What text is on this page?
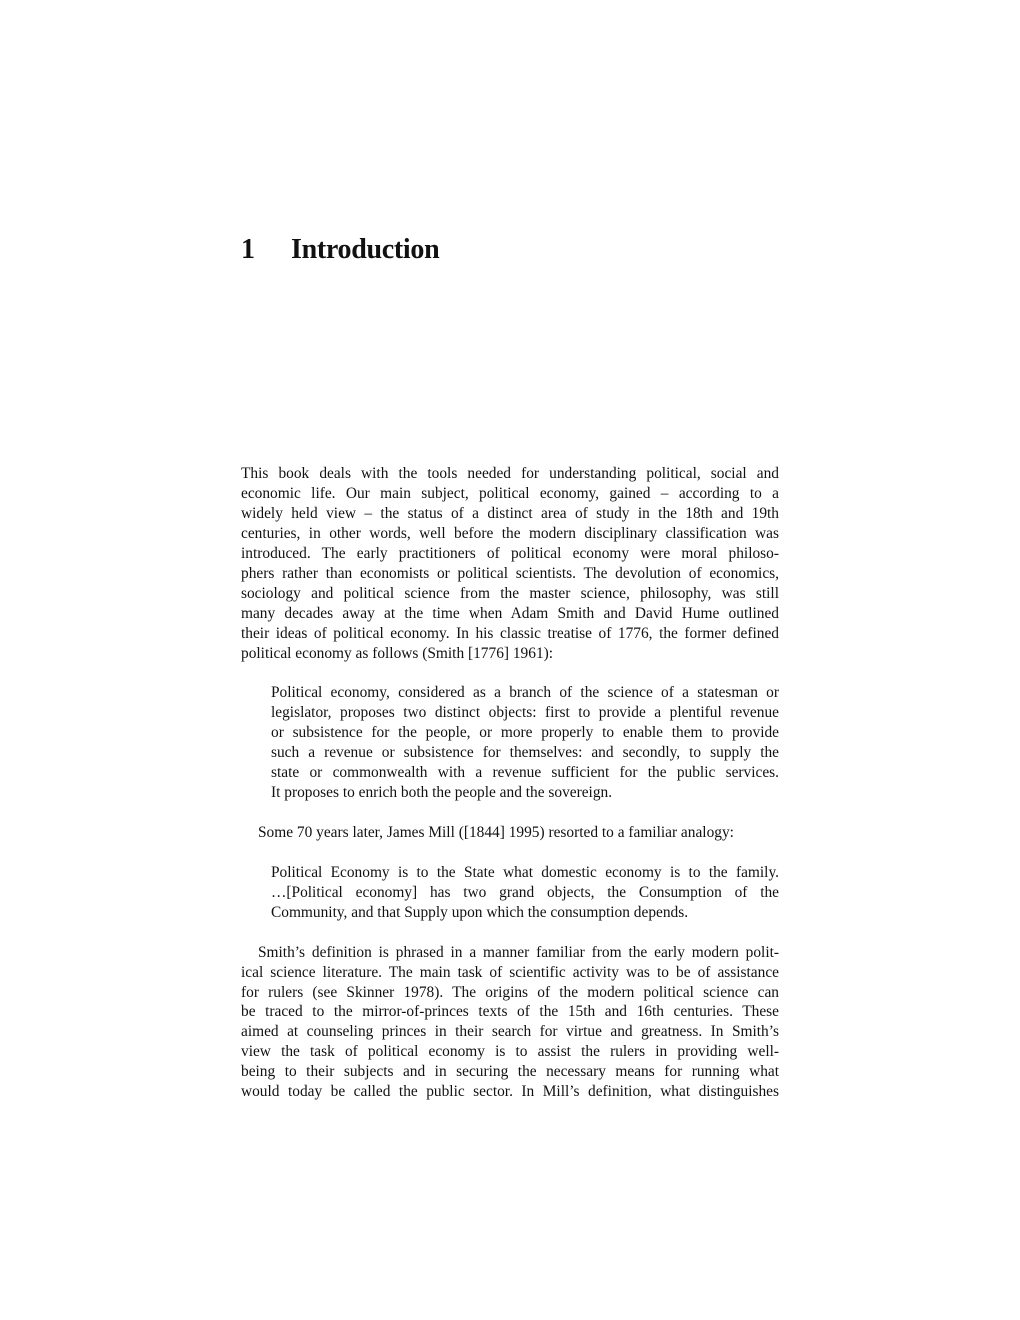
1 Introduction
This book deals with the tools needed for understanding political, social and
economic life. Our main subject, political economy, gained – according to a
widely held view – the status of a distinct area of study in the 18th and 19th
centuries, in other words, well before the modern disciplinary classification was
introduced. The early practitioners of political economy were moral philoso-
phers rather than economists or political scientists. The devolution of economics,
sociology and political science from the master science, philosophy, was still
many decades away at the time when Adam Smith and David Hume outlined
their ideas of political economy. In his classic treatise of 1776, the former defined
political economy as follows (Smith [1776] 1961):
Political economy, considered as a branch of the science of a statesman or
legislator, proposes two distinct objects: first to provide a plentiful revenue
or subsistence for the people, or more properly to enable them to provide
such a revenue or subsistence for themselves: and secondly, to supply the
state or commonwealth with a revenue sufficient for the public services.
It proposes to enrich both the people and the sovereign.
Some 70 years later, James Mill ([1844] 1995) resorted to a familiar analogy:
Political Economy is to the State what domestic economy is to the family.
…[Political economy] has two grand objects, the Consumption of the
Community, and that Supply upon which the consumption depends.
Smith’s definition is phrased in a manner familiar from the early modern polit-
ical science literature. The main task of scientific activity was to be of assistance
for rulers (see Skinner 1978). The origins of the modern political science can
be traced to the mirror-of-princes texts of the 15th and 16th centuries. These
aimed at counseling princes in their search for virtue and greatness. In Smith’s
view the task of political economy is to assist the rulers in providing well-
being to their subjects and in securing the necessary means for running what
would today be called the public sector. In Mill’s definition, what distinguishes
